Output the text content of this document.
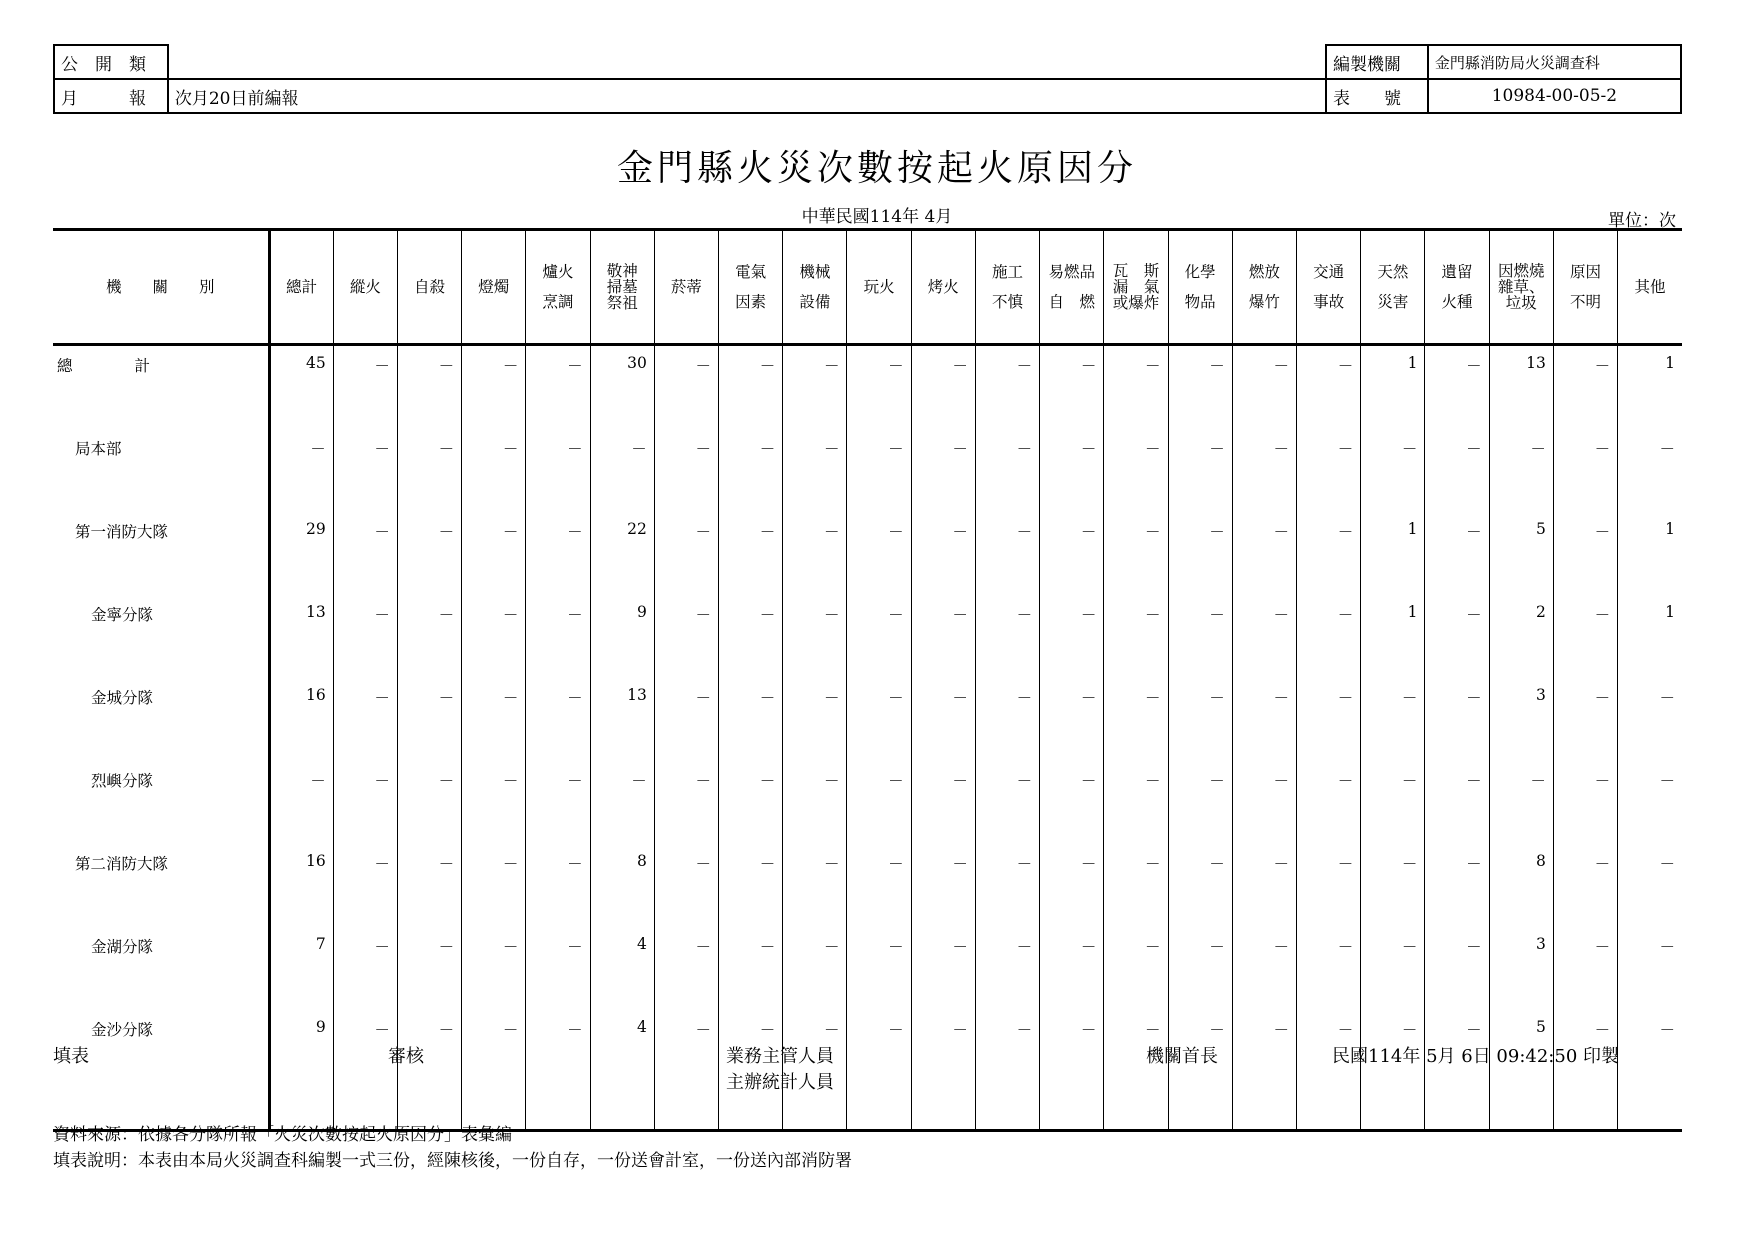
公　開　類			編製機關	金門縣消防局火災調查科
月　　　報	次月20日前編報		表　　號	10984-00-05-2
金門縣火災次數按起火原因分
中華民國114年 4月	單位：次
機　　關　　別	總計	縱火	自殺	燈燭	爐火
烹調	敬神
掃墓
祭祖	菸蒂	電氣
因素	機械
設備	玩火	烤火	施工
不慎	易燃品
自　燃	瓦　斯
漏　氣
或爆炸	化學
物品	燃放
爆竹	交通
事故	天然
災害	遺留
火種	因燃燒
雜草、
垃圾	原因
不明	其他

總　　　　計	45	－	－	－	－	30	－	－	－	－	－	－	－	－	－	－	－	1	－	13	－	1
局本部	－	－	－	－	－	－	－	－	－	－	－	－	－	－	－	－	－	－	－	－	－	－
第一消防大隊	29	－	－	－	－	22	－	－	－	－	－	－	－	－	－	－	－	1	－	5	－	1
金寧分隊	13	－	－	－	－	9	－	－	－	－	－	－	－	－	－	－	－	1	－	2	－	1
金城分隊	16	－	－	－	－	13	－	－	－	－	－	－	－	－	－	－	－	－	－	3	－	－
烈嶼分隊	－	－	－	－	－	－	－	－	－	－	－	－	－	－	－	－	－	－	－	－	－	－
第二消防大隊	16	－	－	－	－	8	－	－	－	－	－	－	－	－	－	－	－	－	－	8	－	－
金湖分隊	7	－	－	－	－	4	－	－	－	－	－	－	－	－	－	－	－	－	－	3	－	－
金沙分隊	9	－	－	－	－	4	－	－	－	－	－	－	－	－	－	－	－	－	－	5	－	－

填表	審核	業務主管人員
主辦統計人員
機關首長	民國114年 5月 6日 09:42:50 印製
資料來源：依據各分隊所報「火災次數按起火原因分」表彙編
填表說明：本表由本局火災調查科編製一式三份，經陳核後，一份自存，一份送會計室，一份送內部消防署
